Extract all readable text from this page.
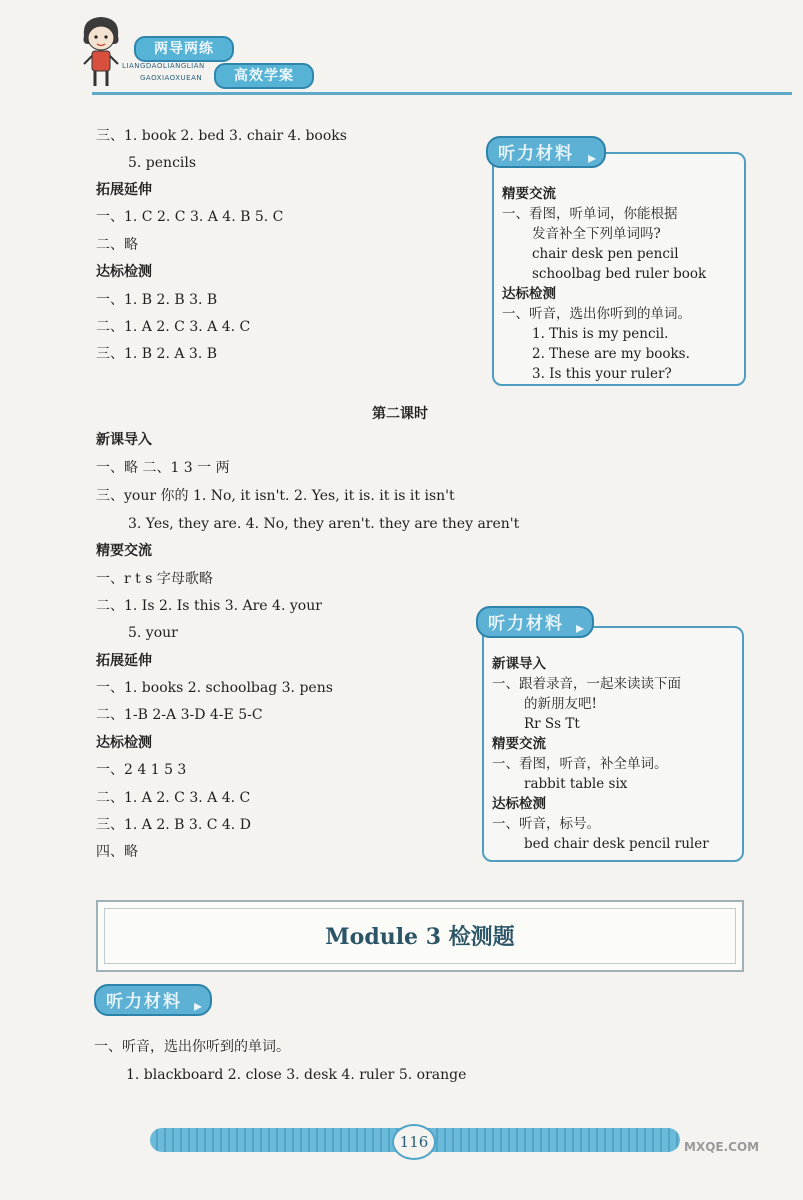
两导两练
LIANGDAOLIANGLIAN
GAOXIAOXUEAN	高效学案
三、1. book 2. bed 3. chair 4. books
5. pencils
拓展延伸
一、1. C 2. C 3. A 4. B 5. C
二、略
达标检测
一、1. B 2. B 3. B
二、1. A 2. C 3. A 4. C
三、1. B 2. A 3. B
第二课时
新课导入
一、略 二、1 3 一 两
三、your 你的 1. No, it isn't. 2. Yes, it is. it is it isn't
3. Yes, they are. 4. No, they aren't. they are they aren't
精要交流
一、r t s 字母歌略
二、1. Is 2. Is this 3. Are 4. your
5. your
拓展延伸
一、1. books 2. schoolbag 3. pens
二、1-B 2-A 3-D 4-E 5-C
达标检测
一、2 4 1 5 3
二、1. A 2. C 3. A 4. C
三、1. A 2. B 3. C 4. D
四、略
精要交流
一、看图，听单词，你能根据
发音补全下列单词吗?
chair desk pen pencil
schoolbag bed ruler book
达标检测
一、听音，选出你听到的单词。
1. This is my pencil.
2. These are my books.
3. Is this your ruler?
听力材料 ▸
新课导入
一、跟着录音，一起来读读下面
的新朋友吧!
Rr Ss Tt
精要交流
一、看图，听音，补全单词。
rabbit table six
达标检测
一、听音，标号。
bed chair desk pencil ruler
听力材料 ▸
Module 3 检测题
听力材料 ▸
一、听音，选出你听到的单词。
1. blackboard 2. close 3. desk 4. ruler 5. orange
116	MXQE.COM
